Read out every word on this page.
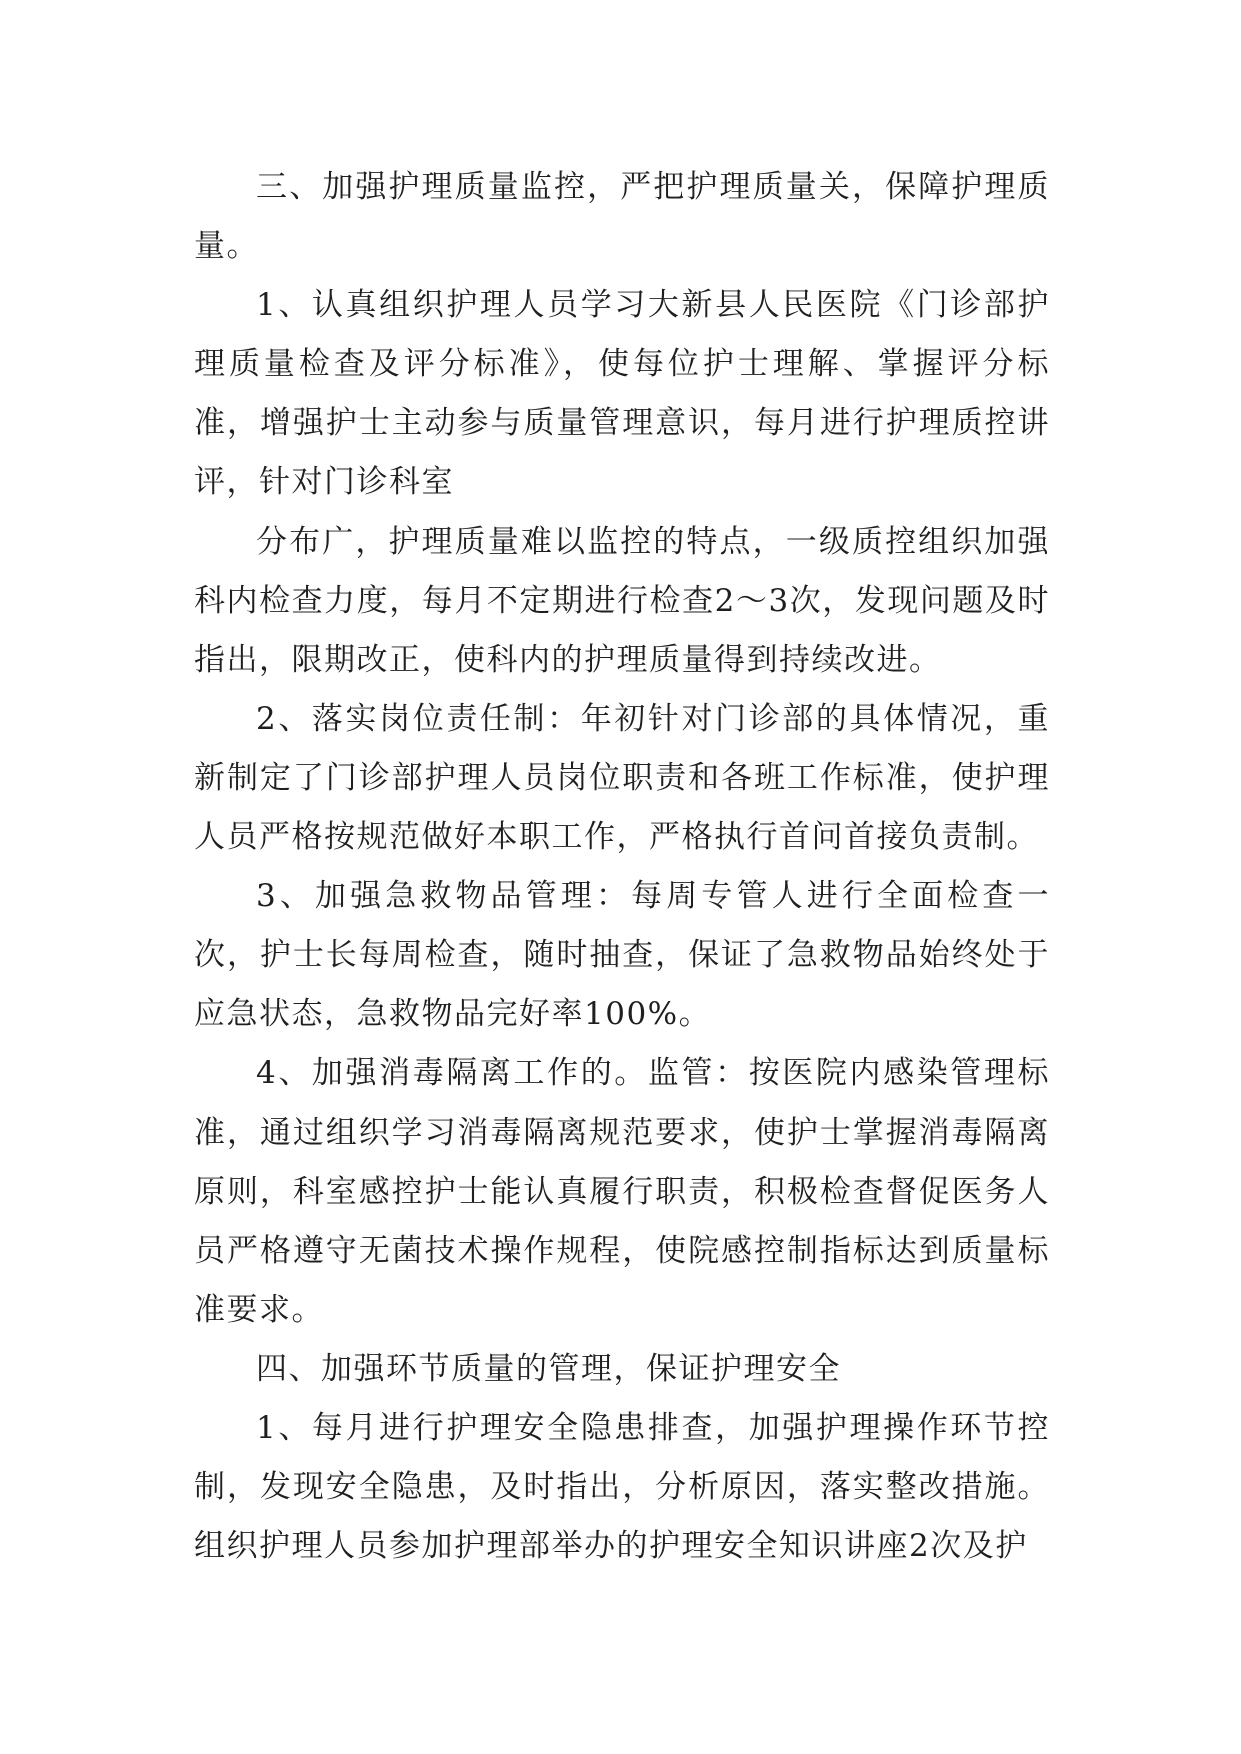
三、加强护理质量监控，严把护理质量关，保障护理质量。

1、认真组织护理人员学习大新县人民医院《门诊部护理质量检查及评分标准》，使每位护士理解、掌握评分标准，增强护士主动参与质量管理意识，每月进行护理质控讲评，针对门诊科室

分布广，护理质量难以监控的特点，一级质控组织加强科内检查力度，每月不定期进行检查2～3次，发现问题及时指出，限期改正，使科内的护理质量得到持续改进。

2、落实岗位责任制：年初针对门诊部的具体情况，重新制定了门诊部护理人员岗位职责和各班工作标准，使护理人员严格按规范做好本职工作，严格执行首问首接负责制。

3、加强急救物品管理：每周专管人进行全面检查一次，护士长每周检查，随时抽查，保证了急救物品始终处于应急状态，急救物品完好率100%。

4、加强消毒隔离工作的。监管：按医院内感染管理标准，通过组织学习消毒隔离规范要求，使护士掌握消毒隔离原则，科室感控护士能认真履行职责，积极检查督促医务人员严格遵守无菌技术操作规程，使院感控制指标达到质量标准要求。

四、加强环节质量的管理，保证护理安全

1、每月进行护理安全隐患排查，加强护理操作环节控制，发现安全隐患，及时指出，分析原因，落实整改措施。组织护理人员参加护理部举办的护理安全知识讲座2次及护
